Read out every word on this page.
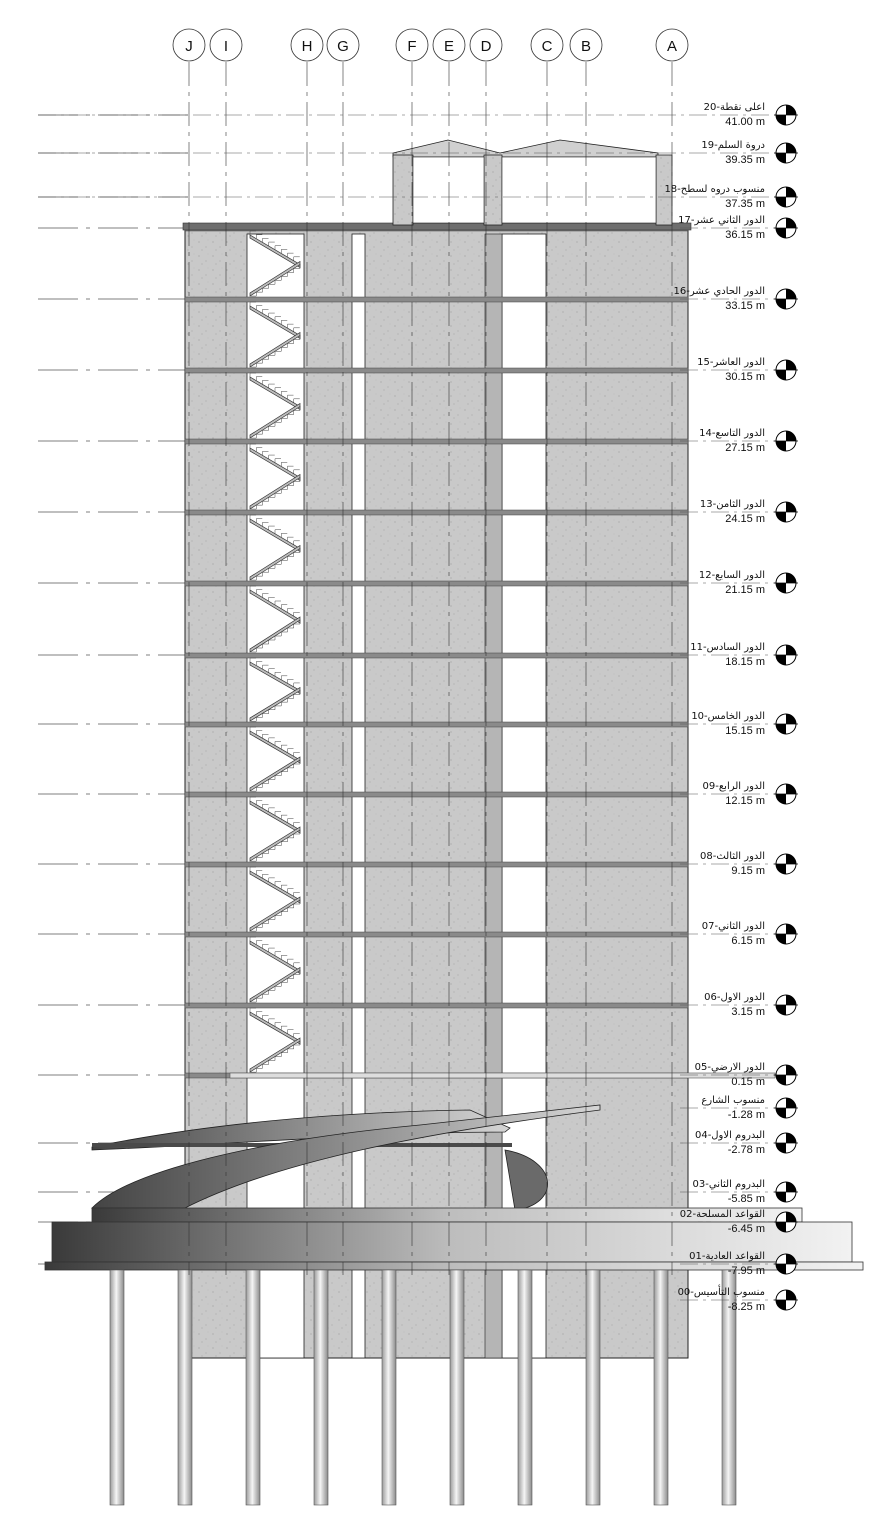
J I	H G	F E D	C B	A
اعلى نقطة-20
41.00 m
دروة السلم-19
39.35 m
منسوب دروه لسطح-18
37.35 m
الدور الثاني عشر-17
36.15 m
الدور الحادي عشر-16
33.15 m
الدور العاشر-15
30.15 m
الدور التاسع-14
27.15 m
الدور الثامن-13
24.15 m
الدور السابع-12
21.15 m
الدور السادس-11
18.15 m
الدور الخامس-10
15.15 m
الدور الرابع-09
12.15 m
الدور الثالث-08
9.15 m
الدور الثاني-07
6.15 m
الدور الاول-06
3.15 m
الدور الارضي-05
0.15 m
منسوب الشارع
-1.28 m
البدروم الاول-04
-2.78 m
البدروم الثاني-03
-5.85 m
القواعد المسلحة-02
-6.45 m
القواعد العادية-01
-7.95 m
منسوب التأسيس-00
-8.25 m
